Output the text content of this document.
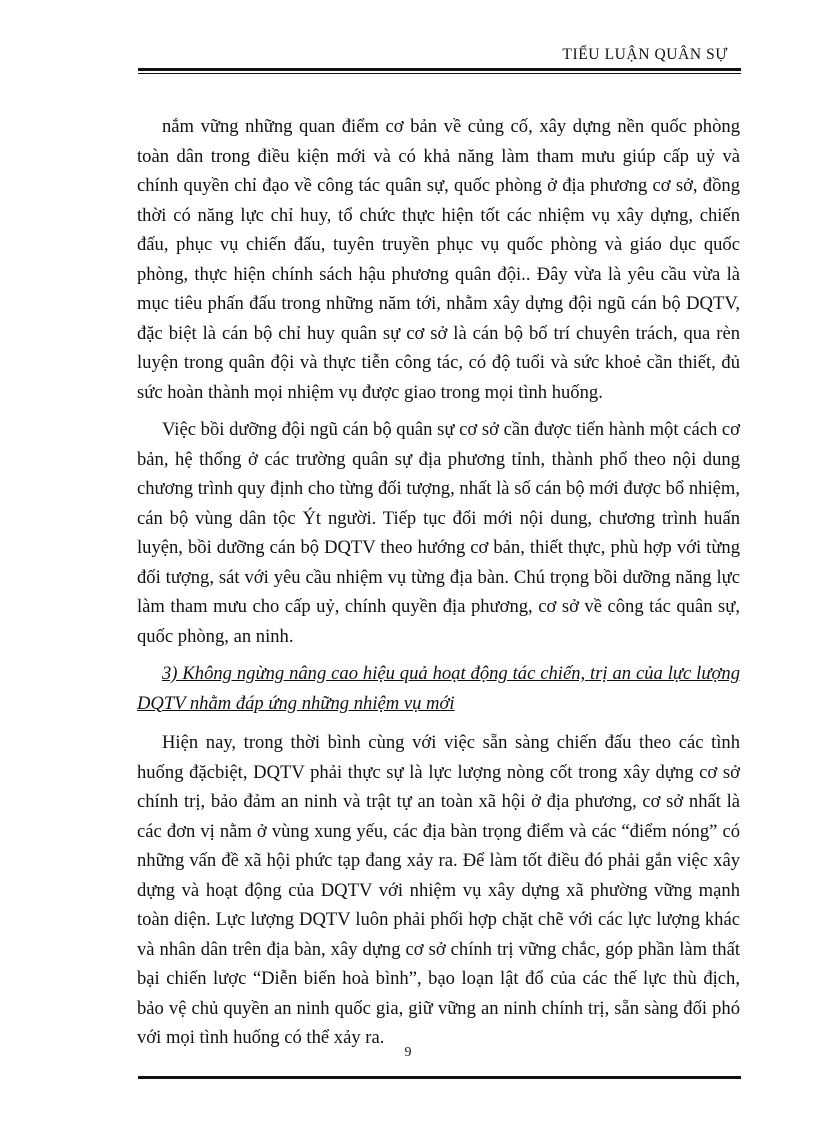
TIỂU LUẬN QUÂN SỰ

nắm vững những quan điểm cơ bản về củng cố, xây dựng nền quốc phòng toàn dân trong điều kiện mới và có khả năng làm tham mưu giúp cấp uỷ và chính quyền chỉ đạo về công tác quân sự, quốc phòng ở địa phương cơ sở, đồng thời có năng lực chỉ huy, tổ chức thực hiện tốt các nhiệm vụ xây dựng, chiến đấu, phục vụ chiến đấu, tuyên truyền phục vụ quốc phòng và giáo dục quốc phòng, thực hiện chính sách hậu phương quân đội.. Đây vừa là yêu cầu vừa là mục tiêu phấn đấu trong những năm tới, nhằm xây dựng đội ngũ cán bộ DQTV, đặc biệt là cán bộ chỉ huy quân sự cơ sở là cán bộ bố trí chuyên trách, qua rèn luyện trong quân đội và thực tiễn công tác, có độ tuổi và sức khoẻ cần thiết, đủ sức hoàn thành mọi nhiệm vụ được giao trong mọi tình huống.

Việc bồi dưỡng đội ngũ cán bộ quân sự cơ sở cần được tiến hành một cách cơ bản, hệ thống ở các trường quân sự địa phương tỉnh, thành phố theo nội dung chương trình quy định cho từng đối tượng, nhất là số cán bộ mới được bổ nhiệm, cán bộ vùng dân tộc Ýt người. Tiếp tục đổi mới nội dung, chương trình huấn luyện, bồi dưỡng cán bộ DQTV theo hướng cơ bản, thiết thực, phù hợp với từng đối tượng, sát với yêu cầu nhiệm vụ từng địa bàn. Chú trọng bồi dưỡng năng lực làm tham mưu cho cấp uỷ, chính quyền địa phương, cơ sở về công tác quân sự, quốc phòng, an ninh.

3) Không ngừng nâng cao hiệu quả hoạt động tác chiến, trị an của lực lượng DQTV nhằm đáp ứng những nhiệm vụ mới

Hiện nay, trong thời bình cùng với việc sẵn sàng chiến đấu theo các tình huống đặcbiệt, DQTV phải thực sự là lực lượng nòng cốt trong xây dựng cơ sở chính trị, bảo đảm an ninh và trật tự an toàn xã hội ở địa phương, cơ sở nhất là các đơn vị nằm ở vùng xung yếu, các địa bàn trọng điểm và các “điểm nóng” có những vấn đề xã hội phức tạp đang xảy ra. Để làm tốt điều đó phải gắn việc xây dựng và hoạt động của DQTV với nhiệm vụ xây dựng xã phường vững mạnh toàn diện. Lực lượng DQTV luôn phải phối hợp chặt chẽ với các lực lượng khác và nhân dân trên địa bàn, xây dựng cơ sở chính trị vững chắc, góp phần làm thất bại chiến lược “Diễn biến hoà bình”, bạo loạn lật đổ của các thế lực thù địch, bảo vệ chủ quyền an ninh quốc gia, giữ vững an ninh chính trị, sẵn sàng đối phó với mọi tình huống có thể xảy ra.

9
